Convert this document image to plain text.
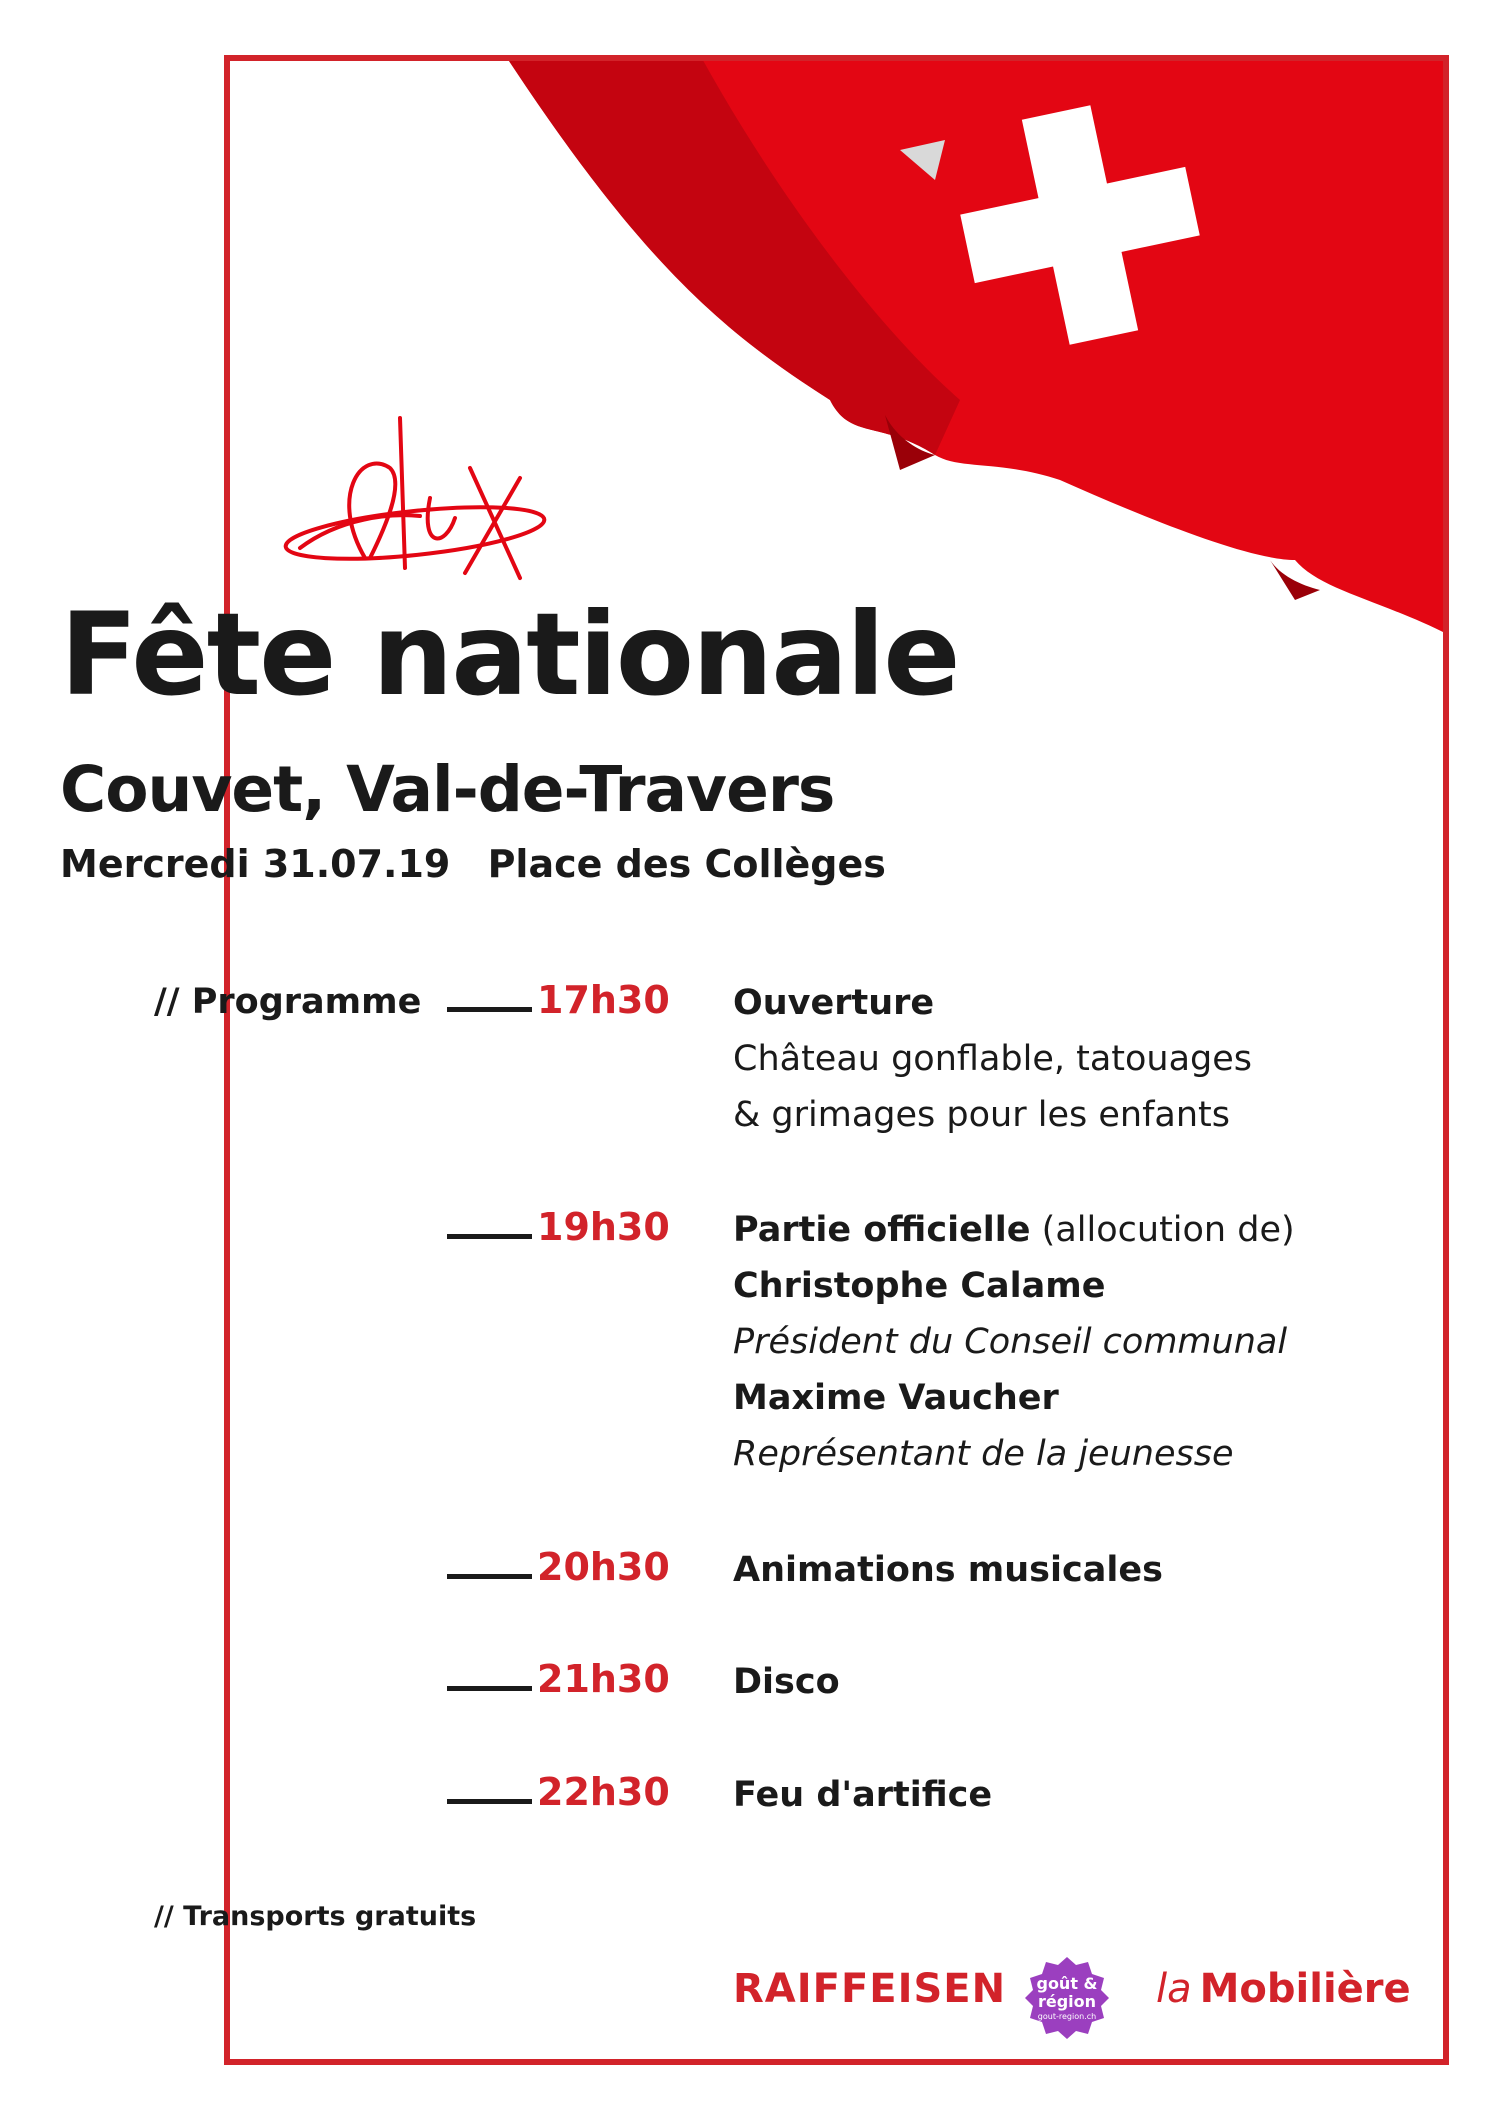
Fête nationale
Couvet, Val-de-Travers

Mercredi 31.07.19 Place des Collèges

// Programme	17h30 Ouverture
Château gonflable, tatouages
& grimages pour les enfants
19h30 Partie officielle (allocution de)
Christophe Calame
Président du Conseil communal
Maxime Vaucher
Représentant de la jeunesse
20h30 Animations musicales
21h30 Disco
22h30 Feu d'artifice
// Transports gratuits
RAIFFEISEN goût &
région
gout-region.ch
la Mobilière
